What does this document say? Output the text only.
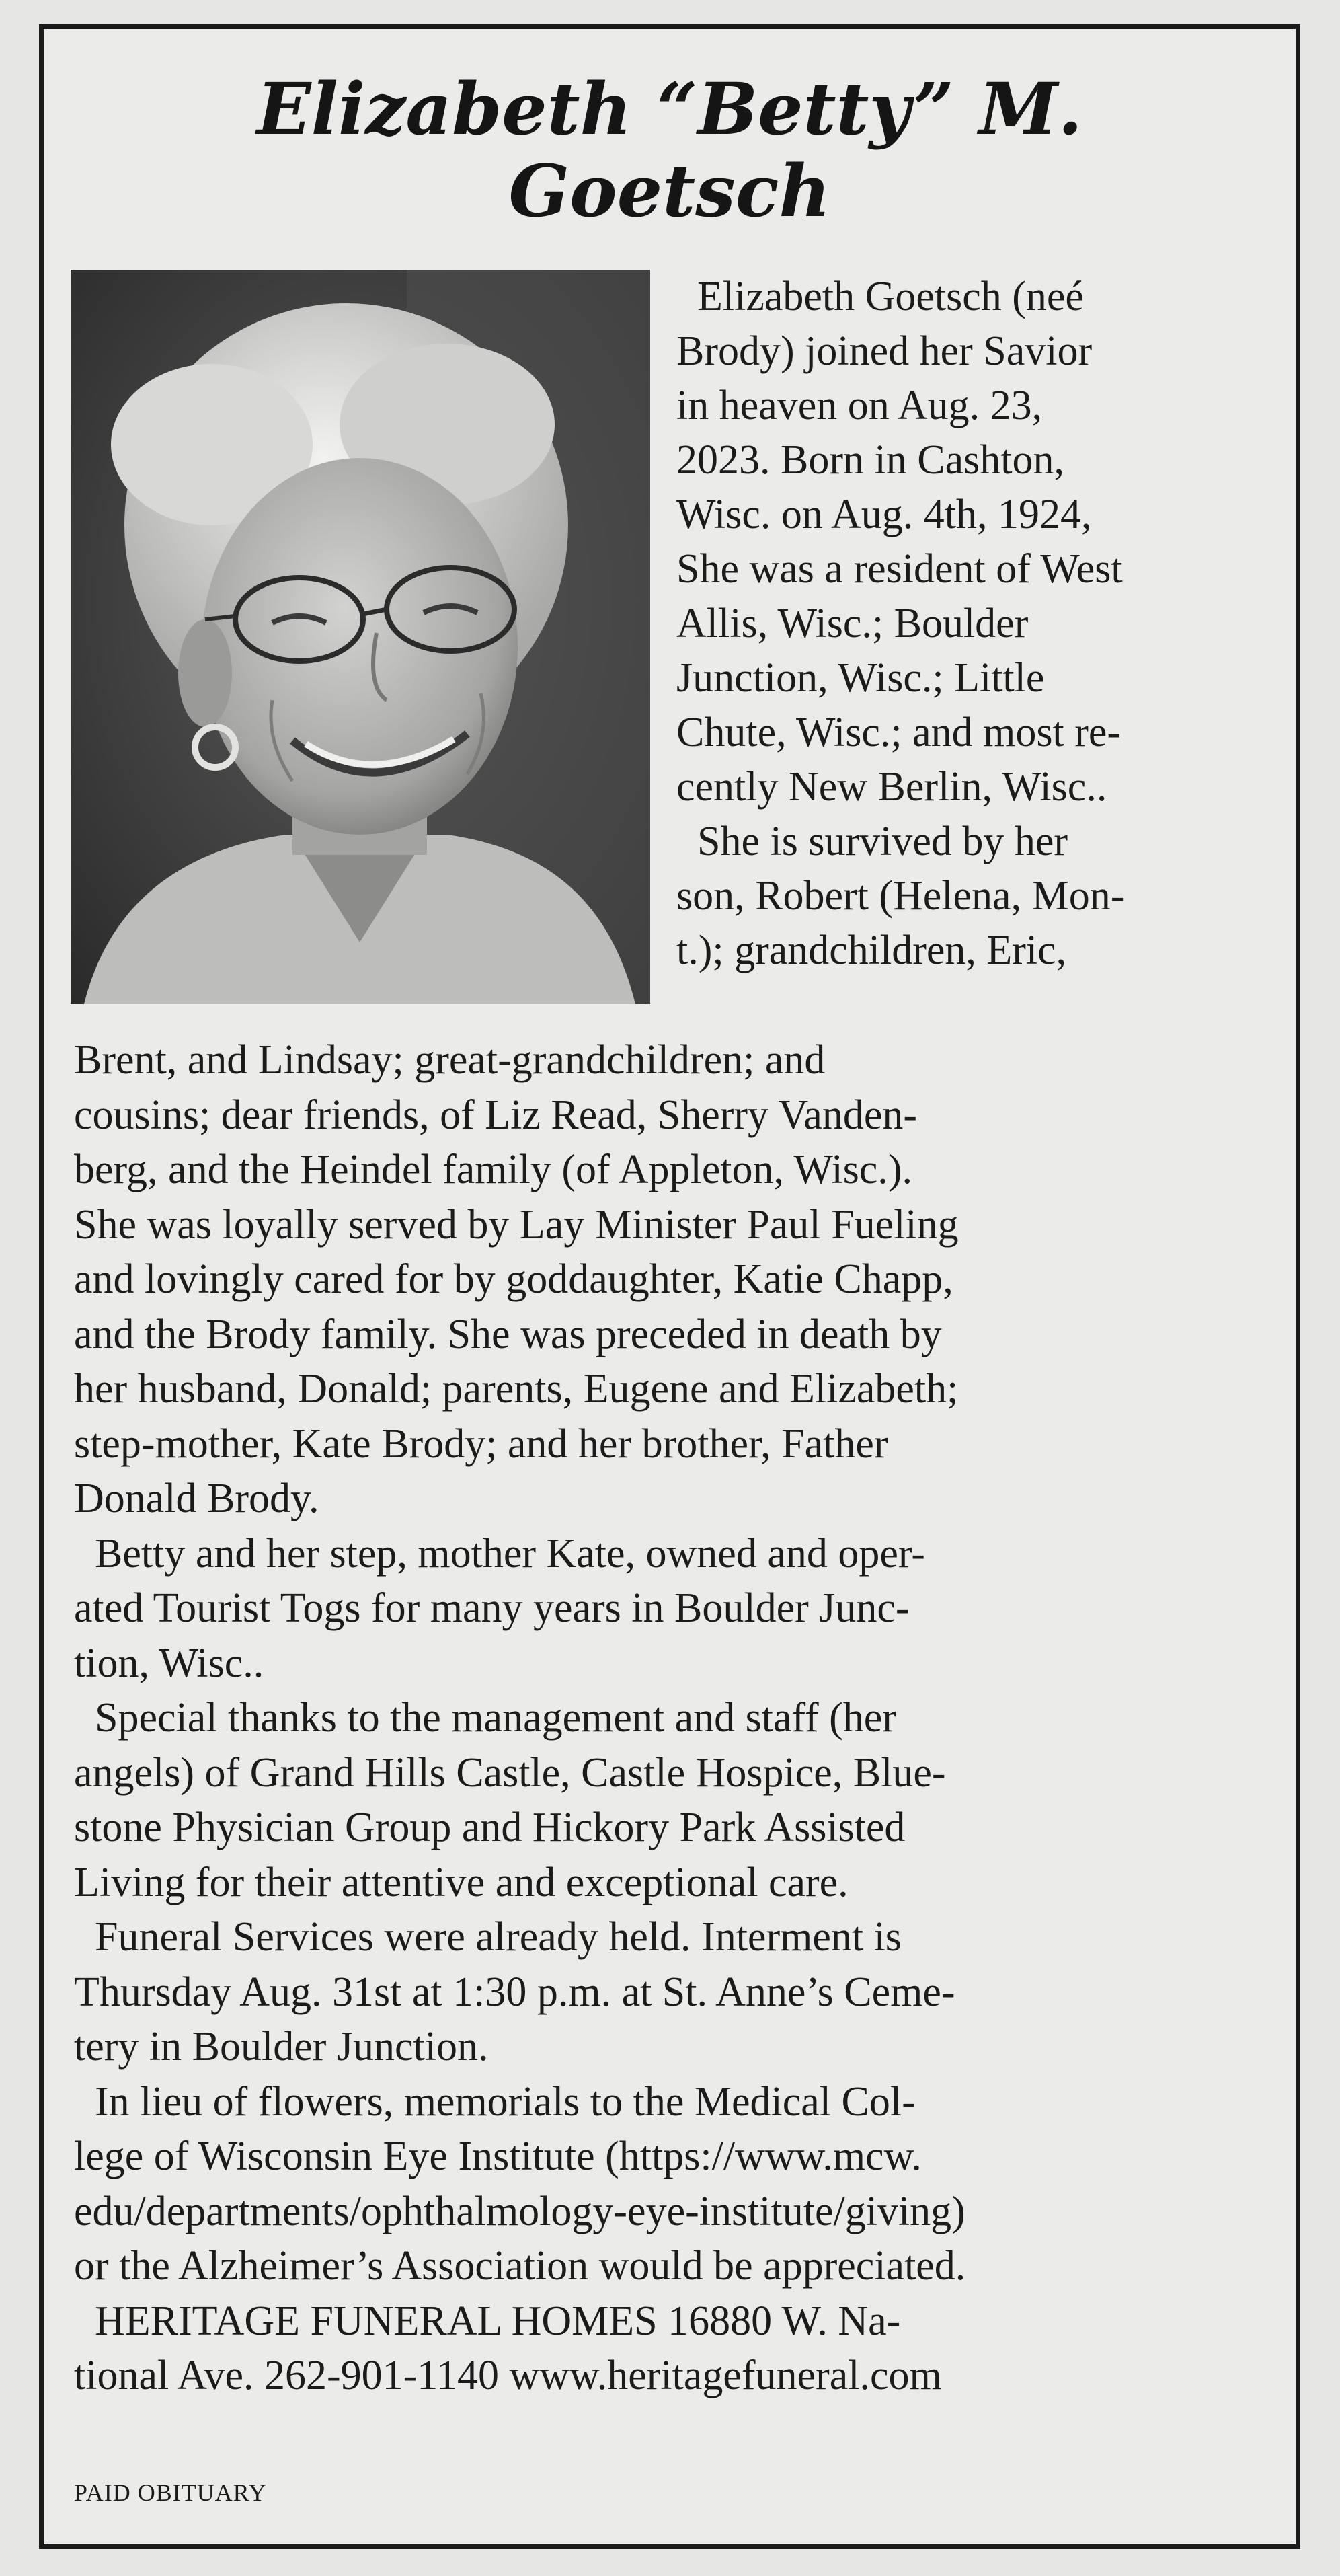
Elizabeth “Betty” M.
Goetsch
Elizabeth Goetsch (neé
Brody) joined her Savior
in heaven on Aug. 23,
2023. Born in Cashton,
Wisc. on Aug. 4th, 1924,
She was a resident of West
Allis, Wisc.; Boulder
Junction, Wisc.; Little
Chute, Wisc.; and most re-
cently New Berlin, Wisc..
She is survived by her
son, Robert (Helena, Mon-
t.); grandchildren, Eric,
Brent, and Lindsay; great-grandchildren; and
cousins; dear friends, of Liz Read, Sherry Vanden-
berg, and the Heindel family (of Appleton, Wisc.).
She was loyally served by Lay Minister Paul Fueling
and lovingly cared for by goddaughter, Katie Chapp,
and the Brody family. She was preceded in death by
her husband, Donald; parents, Eugene and Elizabeth;
step-mother, Kate Brody; and her brother, Father
Donald Brody.
Betty and her step, mother Kate, owned and oper-
ated Tourist Togs for many years in Boulder Junc-
tion, Wisc..
Special thanks to the management and staff (her
angels) of Grand Hills Castle, Castle Hospice, Blue-
stone Physician Group and Hickory Park Assisted
Living for their attentive and exceptional care.
Funeral Services were already held. Interment is
Thursday Aug. 31st at 1:30 p.m. at St. Anne’s Ceme-
tery in Boulder Junction.
In lieu of flowers, memorials to the Medical Col-
lege of Wisconsin Eye Institute (https://www.mcw.
edu/departments/ophthalmology-eye-institute/giving)
or the Alzheimer’s Association would be appreciated.
HERITAGE FUNERAL HOMES 16880 W. Na-
tional Ave. 262-901-1140 www.heritagefuneral.com
PAID OBITUARY
